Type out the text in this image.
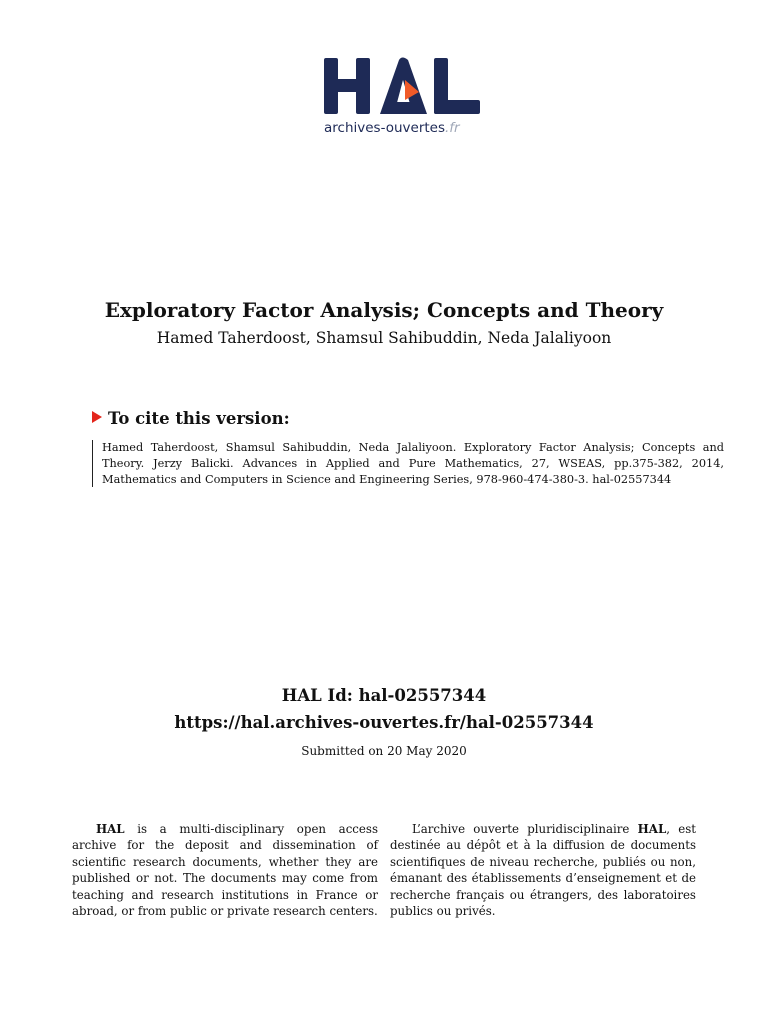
archives-ouvertes.fr
Exploratory Factor Analysis; Concepts and Theory
Hamed Taherdoost, Shamsul Sahibuddin, Neda Jalaliyoon
To cite this version:
Hamed Taherdoost, Shamsul Sahibuddin, Neda Jalaliyoon. Exploratory Factor Analysis; Concepts and Theory. Jerzy Balicki. Advances in Applied and Pure Mathematics, 27, WSEAS, pp.375-382, 2014, Mathematics and Computers in Science and Engineering Series, 978-960-474-380-3. hal-02557344
HAL Id: hal-02557344
https://hal.archives-ouvertes.fr/hal-02557344
Submitted on 20 May 2020
HAL is a multi-disciplinary open access archive for the deposit and dissemination of scientific research documents, whether they are published or not. The documents may come from teaching and research institutions in France or abroad, or from public or private research centers.
L’archive ouverte pluridisciplinaire HAL, est destinée au dépôt et à la diffusion de documents scientifiques de niveau recherche, publiés ou non, émanant des établissements d’enseignement et de recherche français ou étrangers, des laboratoires publics ou privés.
